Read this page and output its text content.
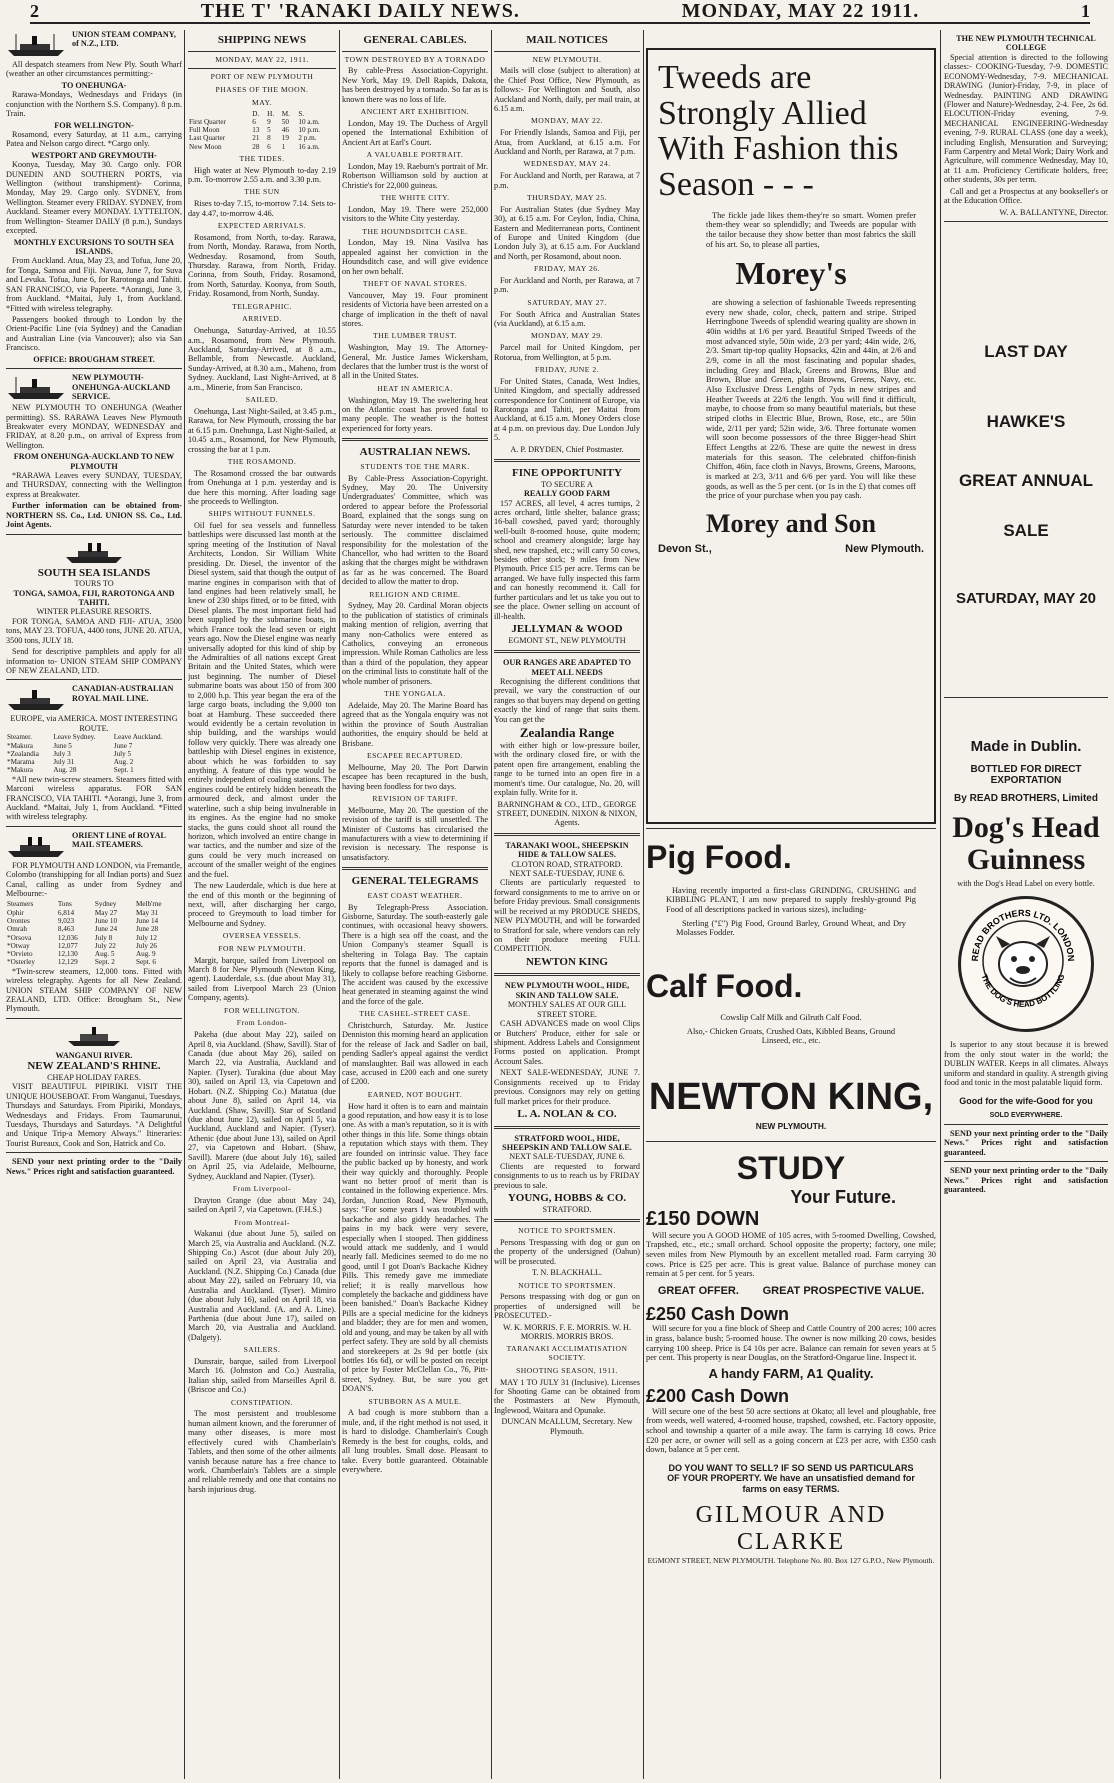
2	THE T' 'RANAKI DAILY NEWS.	MONDAY, MAY 22 1911.	1
UNION STEAM COMPANY, of N.Z., LTD.

All despatch steamers from New Ply. South Wharf (weather an other circumstances permitting:-

TO ONEHUNGA-

Rarawa-Mondays, Wednesdays and Fridays (in conjunction with the Northern S.S. Company). 8 p.m. Train.

FOR WELLINGTON-

Rosamond, every Saturday, at 11 a.m., carrying Patea and Nelson cargo direct. *Cargo only.

WESTPORT AND GREYMOUTH-

Koonya, Tuesday, May 30. Cargo only. FOR DUNEDIN AND SOUTHERN PORTS, via Wellington (without transhipment)- Corinna, Monday, May 29. Cargo only. SYDNEY, from Wellington. Steamer every FRIDAY. SYDNEY, from Auckland. Steamer every MONDAY. LYTTELTON, from Wellington- Steamer DAILY (8 p.m.), Sundays excepted.

MONTHLY EXCURSIONS TO SOUTH SEA ISLANDS.

From Auckland. Atua, May 23, and Tofua, June 20, for Tonga, Samoa and Fiji. Navua, June 7, for Suva and Levuka. Tofua, June 6, for Rarotonga and Tahiti. SAN FRANCISCO, via Papeete. *Aorangi, June 3, from Auckland. *Maitai, July 1, from Auckland. *Fitted with wireless telegraphy.

Passengers booked through to London by the Orient-Pacific Line (via Sydney) and the Canadian and Australian Line (via Vancouver); also via San Francisco.

OFFICE: BROUGHAM STREET.
NEW PLYMOUTH-ONEHUNGA-AUCKLAND SERVICE.

NEW PLYMOUTH TO ONEHUNGA (Weather permitting). SS. RARAWA Leaves New Plymouth Breakwater every MONDAY, WEDNESDAY and FRIDAY, at 8.20 p.m., on arrival of Express from Wellington.

FROM ONEHUNGA-AUCKLAND TO NEW PLYMOUTH

*RARAWA Leaves every SUNDAY, TUESDAY, and THURSDAY, connecting with the Wellington express at Breakwater.

Further information can be obtained from- NORTHERN SS. Co., Ltd. UNION SS. Co., Ltd. Joint Agents.

SOUTH SEA ISLANDS
TOURS TO
TONGA, SAMOA, FIJI, RAROTONGA AND TAHITI.
WINTER PLEASURE RESORTS.

FOR TONGA, SAMOA AND FIJI- ATUA, 3500 tons, MAY 23. TOFUA, 4400 tons, JUNE 20. ATUA, 3500 tons, JULY 18.

Send for descriptive pamphlets and apply for all information to- UNION STEAM SHIP COMPANY OF NEW ZEALAND, LTD.

CANADIAN-AUSTRALIAN ROYAL MAIL LINE.
EUROPE, via AMERICA. MOST INTERESTING ROUTE.
Steamer.	Leave Sydney.	Leave Auckland.
*Makura	June 5	June 7
*Zealandia	July 3	July 5
*Marama	July 31	Aug. 2
*Makura	Aug. 28	Sept. 1

*All new twin-screw steamers. Steamers fitted with Marconi wireless apparatus. FOR SAN FRANCISCO, VIA TAHITI. *Aorangi, June 3, from Auckland. *Maitai, July 1, from Auckland. *Fitted with wireless telegraphy.

ORIENT LINE of ROYAL MAIL STEAMERS.

FOR PLYMOUTH AND LONDON, via Fremantle, Colombo (transhipping for all Indian ports) and Suez Canal, calling as under from Sydney and Melbourne:-

Steamers	Tons	Sydney	Melb'rne
Ophir	6,814	May 27	May 31
Orontes	9,023	June 10	June 14
Omrah	8,463	June 24	June 28
*Orsova	12,036	July 8	July 12
*Otway	12,077	July 22	July 26
*Orvieto	12,130	Aug. 5	Aug. 9
*Osterley	12,129	Sept. 2	Sept. 6

*Twin-screw steamers, 12,000 tons. Fitted with wireless telegraphy. Agents for all New Zealand. UNION STEAM SHIP COMPANY OF NEW ZEALAND, LTD. Office: Brougham St., New Plymouth.

WANGANUI RIVER.
NEW ZEALAND'S RHINE.
CHEAP HOLIDAY FARES.

VISIT BEAUTIFUL PIPIRIKI. VISIT THE UNIQUE HOUSEBOAT. From Wanganui, Tuesdays, Thursdays and Saturdays. From Pipiriki, Mondays, Wednesdays and Fridays. From Taumarunui, Tuesdays, Thursdays and Saturdays. "A Delightful and Unique Trip-a Memory Always." Itineraries: Tourist Bureaux, Cook and Son, Hatrick and Co.

SEND your next printing order to the "Daily News." Prices right and satisfaction guaranteed.

SHIPPING NEWS
MONDAY, MAY 22, 1911.
PORT OF NEW PLYMOUTH
PHASES OF THE MOON.
MAY.
	D.	H.	M.	S.
First Quarter	6	9	50	10 a.m.
Full Moon	13	5	46	10 p.m.
Last Quarter	21	8	19	2 p.m.
New Moon	28	6	1	16 a.m.
THE TIDES.

High water at New Plymouth to-day 2.19 p.m. To-morrow 2.55 a.m. and 3.30 p.m.

THE SUN

Rises to-day 7.15, to-morrow 7.14. Sets to-day 4.47, to-morrow 4.46.

EXPECTED ARRIVALS.

Rosamond, from North, to-day. Rarawa, from North, Monday. Rarawa, from North, Wednesday. Rosamond, from South, Thursday. Rarawa, from North, Friday. Corinna, from South, Friday. Rosamond, from North, Saturday. Koonya, from South, Friday. Rosamond, from North, Sunday.

TELEGRAPHIC.
ARRIVED.

Onehunga, Saturday-Arrived, at 10.55 a.m., Rosamond, from New Plymouth. Auckland, Saturday-Arrived, at 8 a.m., Bellamble, from Newcastle. Auckland, Sunday-Arrived, at 8.30 a.m., Maheno, from Sydney. Auckland, Last Night-Arrived, at 8 a.m., Minerie, from San Francisco.

SAILED.

Onehunga, Last Night-Sailed, at 3.45 p.m., Rarawa, for New Plymouth, crossing the bar at 6.15 p.m. Onehunga, Last Night-Sailed, at 10.45 a.m., Rosamond, for New Plymouth, crossing the bar at 1 p.m.

THE ROSAMOND.

The Rosamond crossed the bar outwards from Onehunga at 1 p.m. yesterday and is due here this morning. After loading sage she proceeds to Wellington.

SHIPS WITHOUT FUNNELS.

Oil fuel for sea vessels and funnelless battleships were discussed last month at the spring meeting of the Institution of Naval Architects, London. Sir William White presiding. Dr. Diesel, the inventor of the Diesel system, said that though the output of marine engines in comparison with that of land engines had been relatively small, he knew of 230 ships fitted, or to be fitted, with Diesel plants. The most important field had been supplied by the submarine boats, in which France took the lead seven or eight years ago. Now the Diesel engine was nearly universally adopted for this kind of ship by the Admiralties of all nations except Great Britain and the United States, which were just beginning. The number of Diesel submarine boats was about 150 of from 300 to 2,000 h.p. This year began the era of the large cargo boats, including the 9,000 ton boat at Hamburg. These succeeded there would evidently be a certain revolution in ship building, and the warships would follow very quickly. There was already one battleship with Diesel engines in existence, about which he was forbidden to say anything. A feature of this type would be entirely independent of coaling stations. The engines could be entirely hidden beneath the armoured deck, and almost under the waterline, such a ship being invulnerable in its engines. As the engine had no smoke stacks, the guns could shoot all round the horizon, which involved an entire change in war tactics, and the number and size of the guns could be very much increased on account of the smaller weight of the engines and the fuel.

The new Lauderdale, which is due here at the end of this month or the beginning of next, will, after discharging her cargo, proceed to Greymouth to load timber for Melbourne and Sydney.

OVERSEA VESSELS.
FOR NEW PLYMOUTH.

Margit, barque, sailed from Liverpool on March 8 for New Plymouth (Newton King, agent). Lauderdale, s.s. (due about May 31), sailed from Liverpool March 23 (Union Company, agents).

FOR WELLINGTON.
From London-

Pakeha (due about May 22), sailed on April 8, via Auckland. (Shaw, Savill). Star of Canada (due about May 26), sailed on March 22, via Australia, Auckland and Napier. (Tyser). Turakina (due about May 30), sailed on April 13, via Capetown and Hobart. (N.Z. Shipping Co.) Matatua (due about June 8), sailed on April 14, via Auckland. (Shaw, Savill). Star of Scotland (due about June 12), sailed on April 5, via Auckland, Auckland and Napier. (Tyser). Athenic (due about June 13), sailed on April 27, via Capetown and Hobart. (Shaw, Savill). Marere (due about July 16), sailed on April 25, via Adelaide, Melbourne, Sydney, Auckland and Napier. (Tyser).

From Liverpool-

Drayton Grange (due about May 24), sailed on April 7, via Capetown. (F.H.S.)

From Montreal-

Wakanui (due about June 5), sailed on March 25, via Australia and Auckland. (N.Z. Shipping Co.) Ascot (due about July 20), sailed on April 23, via Australia and Auckland. (N.Z. Shipping Co.) Canada (due about May 22), sailed on February 10, via Australia and Auckland. (Tyser). Mimiro (due about July 16), sailed on April 18, via Australia and Auckland. (A. and A. Line). Parthenia (due about June 17), sailed on March 20, via Australia and Auckland. (Dalgety).

SAILERS.

Dunsrair, barque, sailed from Liverpool March 16. (Johnston and Co.) Australia, Italian ship, sailed from Marseilles April 8. (Briscoe and Co.)

CONSTIPATION.

The most persistent and troublesome human ailment known, and the forerunner of many other diseases, is more most effectively cured with Chamberlain's Tablets, and then some of the other ailments vanish because nature has a free chance to work. Chamberlain's Tablets are a simple and reliable remedy and one that contains no harsh injurious drug.

GENERAL CABLES.
TOWN DESTROYED BY A TORNADO

By cable-Press Association-Copyright. New York, May 19. Dell Rapids, Dakota, has been destroyed by a tornado. So far as is known there was no loss of life.

ANCIENT ART EXHIBITION.

London, May 19. The Duchess of Argyll opened the International Exhibition of Ancient Art at Earl's Court.

A VALUABLE PORTRAIT.

London, May 19. Raeburn's portrait of Mr. Robertson Williamson sold by auction at Christie's for 22,000 guineas.

THE WHITE CITY.

London, May 19. There were 252,000 visitors to the White City yesterday.

THE HOUNDSDITCH CASE.

London, May 19. Nina Vasilva has appealed against her conviction in the Houndsditch case, and will give evidence on her own behalf.

THEFT OF NAVAL STORES.

Vancouver, May 19. Four prominent residents of Victoria have been arrested on a charge of implication in the theft of naval stores.

THE LUMBER TRUST.

Washington, May 19. The Attorney-General, Mr. Justice James Wickersham, declares that the lumber trust is the worst of all in the United States.

HEAT IN AMERICA.

Washington, May 19. The sweltering heat on the Atlantic coast has proved fatal to many people. The weather is the hottest experienced for forty years.

AUSTRALIAN NEWS.
STUDENTS TOE THE MARK.

By Cable-Press Association-Copyright. Sydney, May 20. The University Undergraduates' Committee, which was ordered to appear before the Professorial Board, explained that the songs sung on Saturday were never intended to be taken seriously. The committee disclaimed responsibility for the molestation of the Chancellor, who had written to the Board asking that the charges might be withdrawn as far as he was concerned. The Board decided to allow the matter to drop.

RELIGION AND CRIME.

Sydney, May 20. Cardinal Moran objects to the publication of statistics of criminals making mention of religion, averring that many non-Catholics were entered as Catholics, conveying an erroneous impression. While Roman Catholics are less than a third of the population, they appear on the criminal lists to constitute half of the whole number of prisoners.

THE YONGALA.

Adelaide, May 20. The Marine Board has agreed that as the Yongala enquiry was not within the province of South Australian authorities, the enquiry should be held at Brisbane.

ESCAPEE RECAPTURED.

Melbourne, May 20. The Port Darwin escapee has been recaptured in the bush, having been foodless for two days.

REVISION OF TARIFF.

Melbourne, May 20. The question of the revision of the tariff is still unsettled. The Minister of Customs has circularised the manufacturers with a view to determining if revision is necessary. The response is unsatisfactory.

GENERAL TELEGRAMS
EAST COAST WEATHER.

By Telegraph-Press Association. Gisborne, Saturday. The south-easterly gale continues, with occasional heavy showers. There is a high sea off the coast, and the Union Company's steamer Squall is sheltering in Tolaga Bay. The captain reports that the funnel is damaged and is likely to collapse before reaching Gisborne. The accident was caused by the excessive heat generated in steaming against the wind and the force of the gale.

THE CASHEL-STREET CASE.

Christchurch, Saturday. Mr. Justice Denniston this morning heard an application for the release of Jack and Sadler on bail, pending Sadler's appeal against the verdict of manslaughter. Bail was allowed in each case, accused in £200 each and one surety of £200.

EARNED, NOT BOUGHT.

How hard it often is to earn and maintain a good reputation, and how easy it is to lose one. As with a man's reputation, so it is with other things in this life. Some things obtain a reputation which stays with them. They are founded on intrinsic value. They face the public backed up by honesty, and work their way quickly and thoroughly. People want no better proof of merit than is contained in the following experience. Mrs. Jordan, Junction Road, New Plymouth, says: "For some years I was troubled with backache and also giddy headaches. The pains in my back were very severe, especially when I stooped. Then giddiness would attack me suddenly, and I would nearly fall. Medicines seemed to do me no good, until I got Doan's Backache Kidney Pills. This remedy gave me immediate relief; it is really marvellous how completely the backache and giddiness have been banished." Doan's Backache Kidney Pills are a special medicine for the kidneys and bladder; they are for men and women, old and young, and may be taken by all with perfect safety. They are sold by all chemists and storekeepers at 2s 9d per bottle (six bottles 16s 6d), or will be posted on receipt of price by Foster McClellan Co., 76, Pitt-street, Sydney. But, be sure you get DOAN'S.

STUBBORN AS A MULE.

A bad cough is more stubborn than a mule, and, if the right method is not used, it is hard to dislodge. Chamberlain's Cough Remedy is the best for coughs, colds, and all lung troubles. Small dose. Pleasant to take. Every bottle guaranteed. Obtainable everywhere.

MAIL NOTICES
NEW PLYMOUTH.

Mails will close (subject to alteration) at the Chief Post Office, New Plymouth, as follows:- For Wellington and South, also Auckland and North, daily, per mail train, at 6.15 a.m.

MONDAY, MAY 22.

For Friendly Islands, Samoa and Fiji, per Atua, from Auckland, at 6.15 a.m. For Auckland and North, per Rarawa, at 7 p.m.

WEDNESDAY, MAY 24.

For Auckland and North, per Rarawa, at 7 p.m.

THURSDAY, MAY 25.

For Australian States (due Sydney May 30), at 6.15 a.m. For Ceylon, India, China, Eastern and Mediterranean ports, Continent of Europe and United Kingdom (due London July 3), at 6.15 a.m. For Auckland and North, per Rosamond, about noon.

FRIDAY, MAY 26.

For Auckland and North, per Rarawa, at 7 p.m.

SATURDAY, MAY 27.

For South Africa and Australian States (via Auckland), at 6.15 a.m.

MONDAY, MAY 29.

Parcel mail for United Kingdom, per Rotorua, from Wellington, at 5 p.m.

FRIDAY, JUNE 2.

For United States, Canada, West Indies, United Kingdom, and specially addressed correspondence for Continent of Europe, via Rarotonga and Tahiti, per Maitai from Auckland, at 6.15 a.m. Money Orders close at 4 p.m. on previous day. Due London July 5.

A. P. DRYDEN, Chief Postmaster.
FINE OPPORTUNITY
TO SECURE A
REALLY GOOD FARM

157 ACRES, all level, 4 acres turnips, 2 acres orchard, little shelter, balance grass; 16-ball cowshed, paved yard; thoroughly well-built 8-roomed house, quite modern; school and creamery alongside; large hay shed, new trapshed, etc.; will carry 50 cows, besides other stock; 9 miles from New Plymouth. Price £15 per acre. Terms can be arranged. We have fully inspected this farm and can honestly recommend it. Call for further particulars and let us take you out to see the place. Owner selling on account of ill-health.

JELLYMAN & WOOD
EGMONT ST., NEW PLYMOUTH
OUR RANGES ARE ADAPTED TO MEET ALL NEEDS

Recognising the different conditions that prevail, we vary the construction of our ranges so that buyers may depend on getting exactly the kind of range that suits them. You can get the

Zealandia Range

with either high or low-pressure boiler, with the ordinary closed fire, or with the patent open fire arrangement, enabling the range to be turned into an open fire in a moment's time. Our catalogue, No. 20, will explain fully. Write for it.

BARNINGHAM & CO., LTD., GEORGE STREET, DUNEDIN. NIXON & NIXON, Agents.
TARANAKI WOOL, SHEEPSKIN HIDE & TALLOW SALES.
CLOTON ROAD, STRATFORD.
NEXT SALE-TUESDAY, JUNE 6.

Clients are particularly requested to forward consignments to me to arrive on or before Friday previous. Small consignments will be received at my PRODUCE SHEDS, NEW PLYMOUTH, and will be forwarded to Stratford for sale, where vendors can rely on their produce meeting FULL COMPETITION.

NEWTON KING
NEW PLYMOUTH WOOL, HIDE, SKIN AND TALLOW SALE.
MONTHLY SALES AT OUR GILL STREET STORE.

CASH ADVANCES made on wool Clips or Butchers' Produce, either for sale or shipment. Address Labels and Consignment Forms posted on application. Prompt Account Sales.

NEXT SALE-WEDNESDAY, JUNE 7. Consignments received up to Friday previous. Consignors may rely on getting full market prices for their produce.

L. A. NOLAN & CO.
STRATFORD WOOL, HIDE, SHEEPSKIN AND TALLOW SALE.
NEXT SALE-TUESDAY, JUNE 6.

Clients are requested to forward consignments to us to reach us by FRIDAY previous to sale.

YOUNG, HOBBS & CO.
STRATFORD.
NOTICE TO SPORTSMEN.

Persons Trespassing with dog or gun on the property of the undersigned (Oahun) will be prosecuted.

T. N. BLACKHALL.
NOTICE TO SPORTSMEN.

Persons trespassing with dog or gun on properties of undersigned will be PROSECUTED.-

W. K. MORRIS. F. E. MORRIS. W. H. MORRIS. MORRIS BROS.
TARANAKI ACCLIMATISATION SOCIETY.
SHOOTING SEASON, 1911.

MAY 1 TO JULY 31 (Inclusive). Licenses for Shooting Game can be obtained from the Postmasters at New Plymouth, Inglewood, Waitara and Opunake.

DUNCAN McALLUM, Secretary. New Plymouth.
Tweeds are Strongly Allied With Fashion this Season - - -

The fickle jade likes them-they're so smart. Women prefer them-they wear so splendidly; and Tweeds are popular with the tailor because they show better than most fabrics the skill of his art. So, to please all parties,

Morey's

are showing a selection of fashionable Tweeds representing every new shade, color, check, pattern and stripe. Striped Herringbone Tweeds of splendid wearing quality are shown in 40in widths at 1/6 per yard. Beautiful Striped Tweeds of the most advanced style, 50in wide, 2/3 per yard; 44in wide, 2/6, 2/3. Smart tip-top quality Hopsacks, 42in and 44in, at 2/6 and 2/9, come in all the most fascinating and popular shades, including Grey and Black, Greens and Browns, Blue and Brown, Blue and Green, plain Browns, Greens, Navy, etc. Also Exclusive Dress Lengths of 7yds in new stripes and Heather Tweeds at 22/6 the length. You will find it difficult, maybe, to choose from so many beautiful materials, but these striped cloths in Electric Blue, Brown, Rose, etc., are 50in wide, 2/11 per yard; 52in wide, 3/6. Three fortunate women will soon become possessors of the three Bigger-head Shirt Effect Lengths at 22/6. These are quite the newest in dress materials for this season. The celebrated chiffon-finish Chiffon, 46in, face cloth in Navys, Browns, Greens, Maroons, is marked at 2/3, 3/11 and 6/6 per yard. You will like these goods, as well as the 5 per cent. (or 1s in the £) that comes off the price of your purchase when you pay cash.

Morey and Son
Devon St.,	New Plymouth.
Pig Food.

Having recently imported a first-class GRINDING, CRUSHING and KIBBLING PLANT, I am now prepared to supply freshly-ground Pig Food of all descriptions packed in various sizes), including-

Sterling ("£") Pig Food, Ground Barley, Ground Wheat, and Dry Molasses Fodder.

Calf Food.
Cowslip Calf Milk and Gilruth Calf Food.
Also,- Chicken Groats, Crushed Oats, Kibbled Beans, Ground Linseed, etc., etc.
NEWTON KING,
NEW PLYMOUTH.
STUDY
Your Future.
£150 DOWN

Will secure you A GOOD HOME of 105 acres, with 5-roomed Dwelling, Cowshed, Trapshed, etc., etc.; small orchard. School opposite the property; factory, one mile; seven miles from New Plymouth by an excellent metalled road. Farm carrying 30 cows. Price is £25 per acre. This is great value. Balance of purchase money can remain at 5 per cent. for 5 years.

GREAT OFFER. GREAT PROSPECTIVE VALUE.
£250 Cash Down

Will secure for you a fine block of Sheep and Cattle Country of 200 acres; 100 acres in grass, balance bush; 5-roomed house. The owner is now milking 20 cows, besides carrying 100 sheep. Price is £4 10s per acre. Balance can remain for seven years at 5 per cent. This property is near Douglas, on the Stratford-Ongarue line. Inspect it.

A handy FARM, A1 Quality.
£200 Cash Down

Will secure one of the best 50 acre sections at Okato; all level and ploughable, free from weeds, well watered, 4-roomed house, trapshed, cowshed, etc. Factory opposite, school and township a quarter of a mile away. The farm is carrying 18 cows. Price £20 per acre, or owner will sell as a going concern at £23 per acre, with £350 cash down, balance at 5 per cent.

DO YOU WANT TO SELL? IF SO SEND US PARTICULARS OF YOUR PROPERTY. We have an unsatisfied demand for farms on easy TERMS.
GILMOUR AND CLARKE
EGMONT STREET, NEW PLYMOUTH. Telephone No. 80. Box 127 G.P.O., New Plymouth.
THE NEW PLYMOUTH TECHNICAL COLLEGE

Special attention is directed to the following classes:- COOKING-Tuesday, 7-9. DOMESTIC ECONOMY-Wednesday, 7-9. MECHANICAL DRAWING (Junior)-Friday, 7-9, in place of Wednesday. PAINTING AND DRAWING (Flower and Nature)-Wednesday, 2-4. Fee, 2s 6d. ELOCUTION-Friday evening, 7-9. MECHANICAL ENGINEERING-Wednesday evening, 7-9. RURAL CLASS (one day a week), including English, Mensuration and Surveying; Farm Carpentry and Metal Work; Dairy Work and Agriculture, will commence Wednesday, May 10, at 11 a.m. Proficiency Certificate holders, free; other students, 30s per term.

Call and get a Prospectus at any bookseller's or at the Education Office.

W. A. BALLANTYNE, Director.
LAST DAY
HAWKE'S
GREAT ANNUAL
SALE
SATURDAY, MAY 20
Made in Dublin.
BOTTLED FOR DIRECT EXPORTATION
By READ BROTHERS, Limited
Dog's Head Guinness
with the Dog's Head Label on every bottle.
READ BROTHERS LTD. LONDON
THE DOG'S HEAD BOTTLING

Is superior to any stout because it is brewed from the only stout water in the world; the DUBLIN WATER. Keeps in all climates. Always uniform and standard in quality. A strength giving food and tonic in the most palatable liquid form.

Good for the wife-Good for you
SOLD EVERYWHERE.

SEND your next printing order to the "Daily News." Prices right and satisfaction guaranteed.

SEND your next printing order to the "Daily News." Prices right and satisfaction guaranteed.
